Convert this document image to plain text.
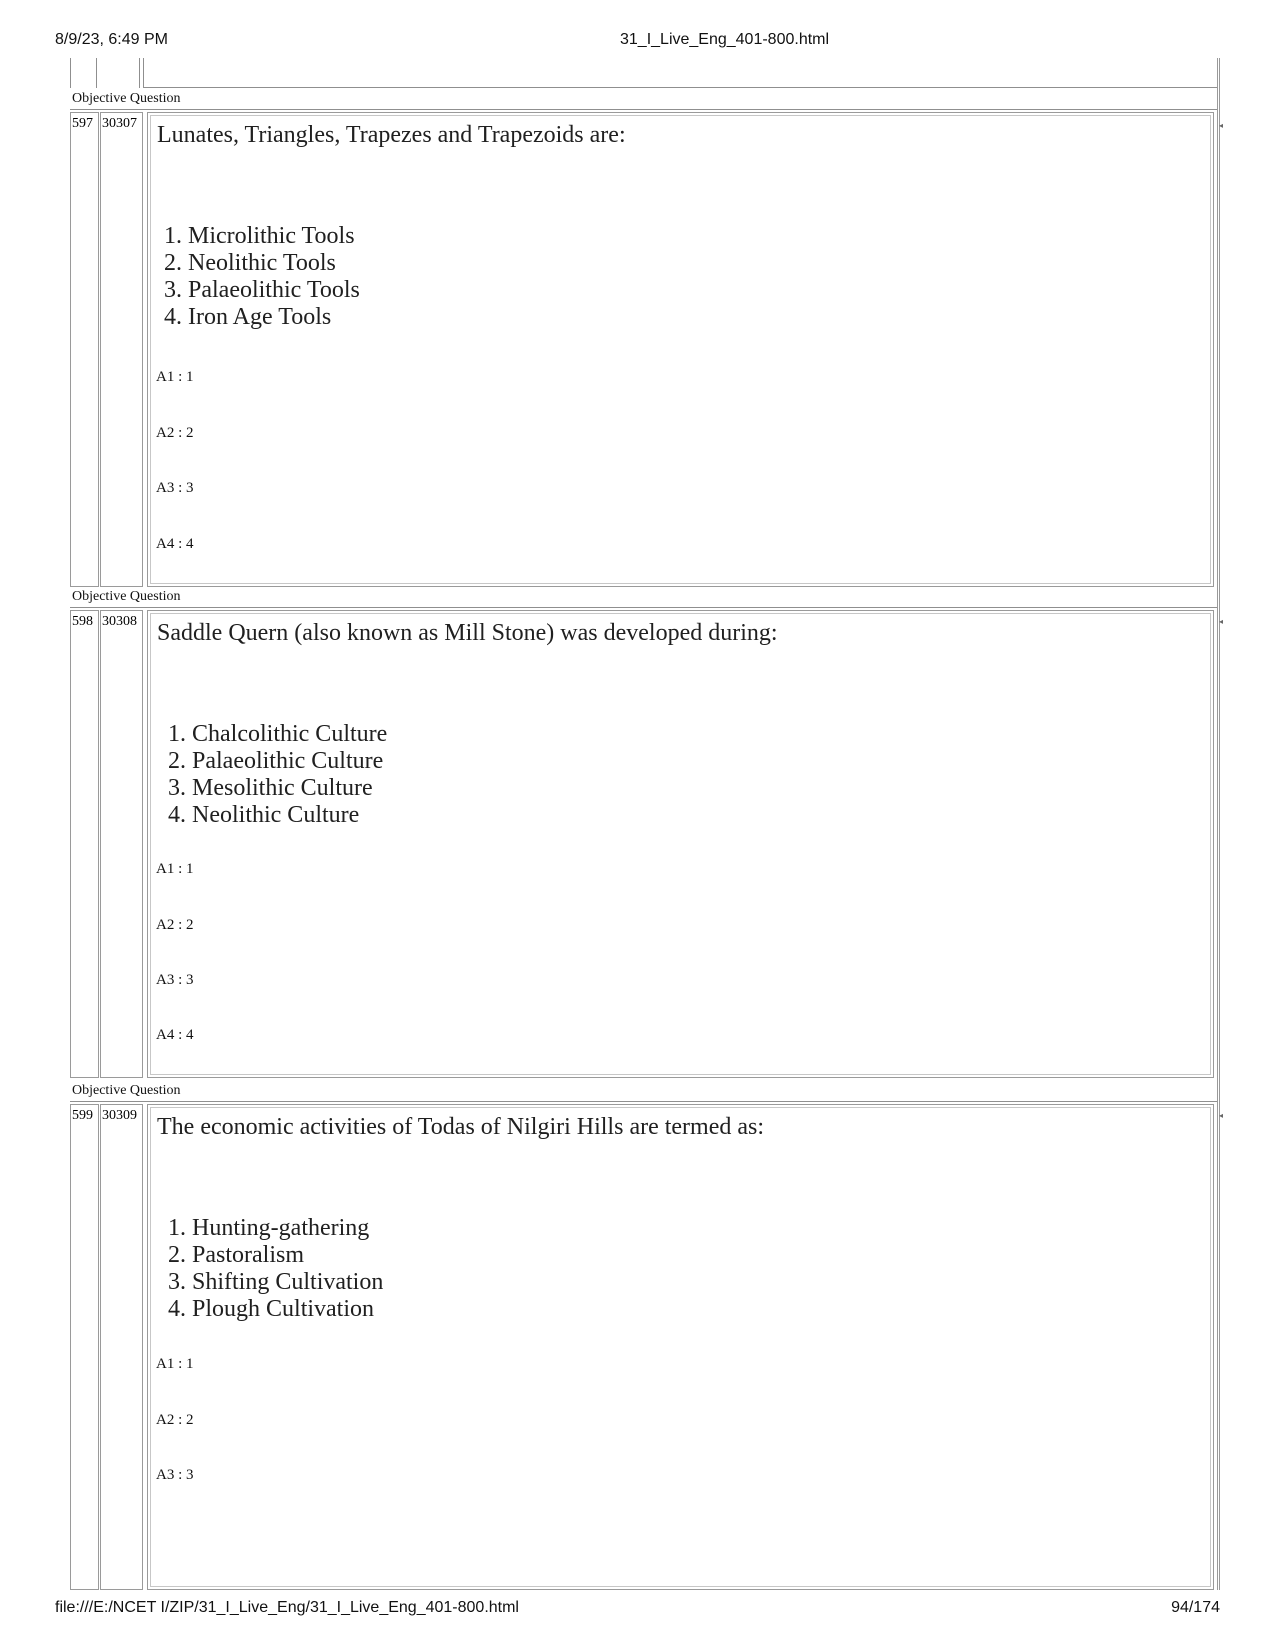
8/9/23, 6:49 PM	31_I_Live_Eng_401-800.html
Objective Question
597 30307 Lunates, Triangles, Trapezes and Trapezoids are:
1. Microlithic Tools
2. Neolithic Tools
3. Palaeolithic Tools
4. Iron Age Tools
A1 : 1
A2 : 2
A3 : 3
A4 : 4
Objective Question
598 30308 Saddle Quern (also known as Mill Stone) was developed during:
1. Chalcolithic Culture
2. Palaeolithic Culture
3. Mesolithic Culture
4. Neolithic Culture
A1 : 1
A2 : 2
A3 : 3
A4 : 4
Objective Question
599 30309 The economic activities of Todas of Nilgiri Hills are termed as:
1. Hunting-gathering
2. Pastoralism
3. Shifting Cultivation
4. Plough Cultivation
A1 : 1
A2 : 2
A3 : 3
◂
◂
◂
file:///E:/NCET I/ZIP/31_I_Live_Eng/31_I_Live_Eng_401-800.html	94/174
